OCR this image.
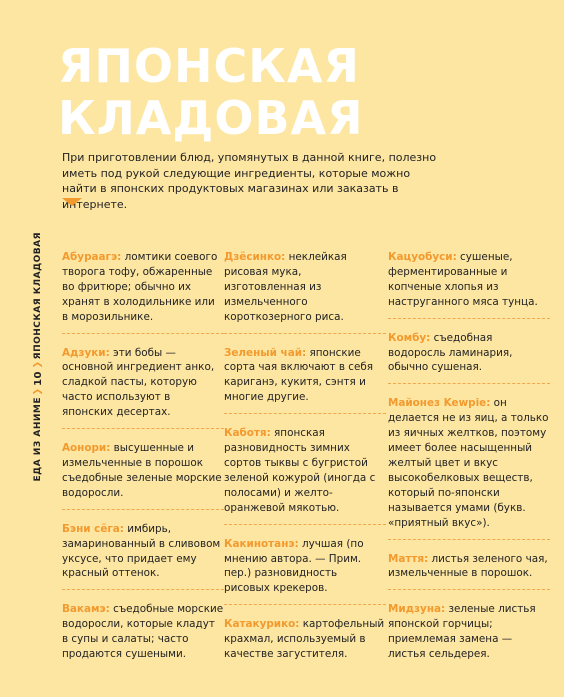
ЯПОНСКАЯ
КЛАДОВАЯ
При приготовлении блюд, упомянутых в данной книге, полезно иметь под рукой следующие ингредиенты, которые можно найти в японских продуктовых магазинах или заказать в интернете.
ЯПОНСКАЯ КЛАДОВАЯ
❯
10
❯
ЕДА ИЗ АНИМЕ
Абураагэ: ломтики соевого творога тофу, обжаренные во фритюре; обычно их хранят в холодильнике или в морозильнике.
Адзуки: эти бобы — основной ингредиент анко, сладкой пасты, которую часто используют в японских десертах.
Аонори: высушенные и измельченные в порошок съедобные зеленые морские водоросли.
Бэни сёга: имбирь, замаринованный в сливовом уксусе, что придает ему красный оттенок.
Вакамэ: съедобные морские водоросли, которые кладут в супы и салаты; часто продаются сушеными.
Дзёсинко: неклейкая рисовая мука, изготовленная из измельченного короткозерного риса.
Зеленый чай: японские сорта чая включают в себя кариганэ, кукитя, сэнтя и многие другие.
Каботя: японская разновидность зимних сортов тыквы с бугристой зеленой кожурой (иногда с полосами) и желто-оранжевой мякотью.
Какинотанэ: лучшая (по мнению автора. — Прим. пер.) разновидность рисовых крекеров.
Катакурико: картофельный крахмал, используемый в качестве загустителя.
Кацуобуси: сушеные, ферментированные и копченые хлопья из настругaнного мяса тунца.
Комбу: съедобная водоросль ламинария, обычно сушеная.
Майонез Kewpie: он делается не из яиц, а только из яичных желтков, поэтому имеет более насыщенный желтый цвет и вкус высокобелковых веществ, который по-японски называется умами (букв. «приятный вкус»).
Маття: листья зеленого чая, измельченные в порошок.
Мидзуна: зеленые листья японской горчицы; приемлемая замена — листья сельдерея.
